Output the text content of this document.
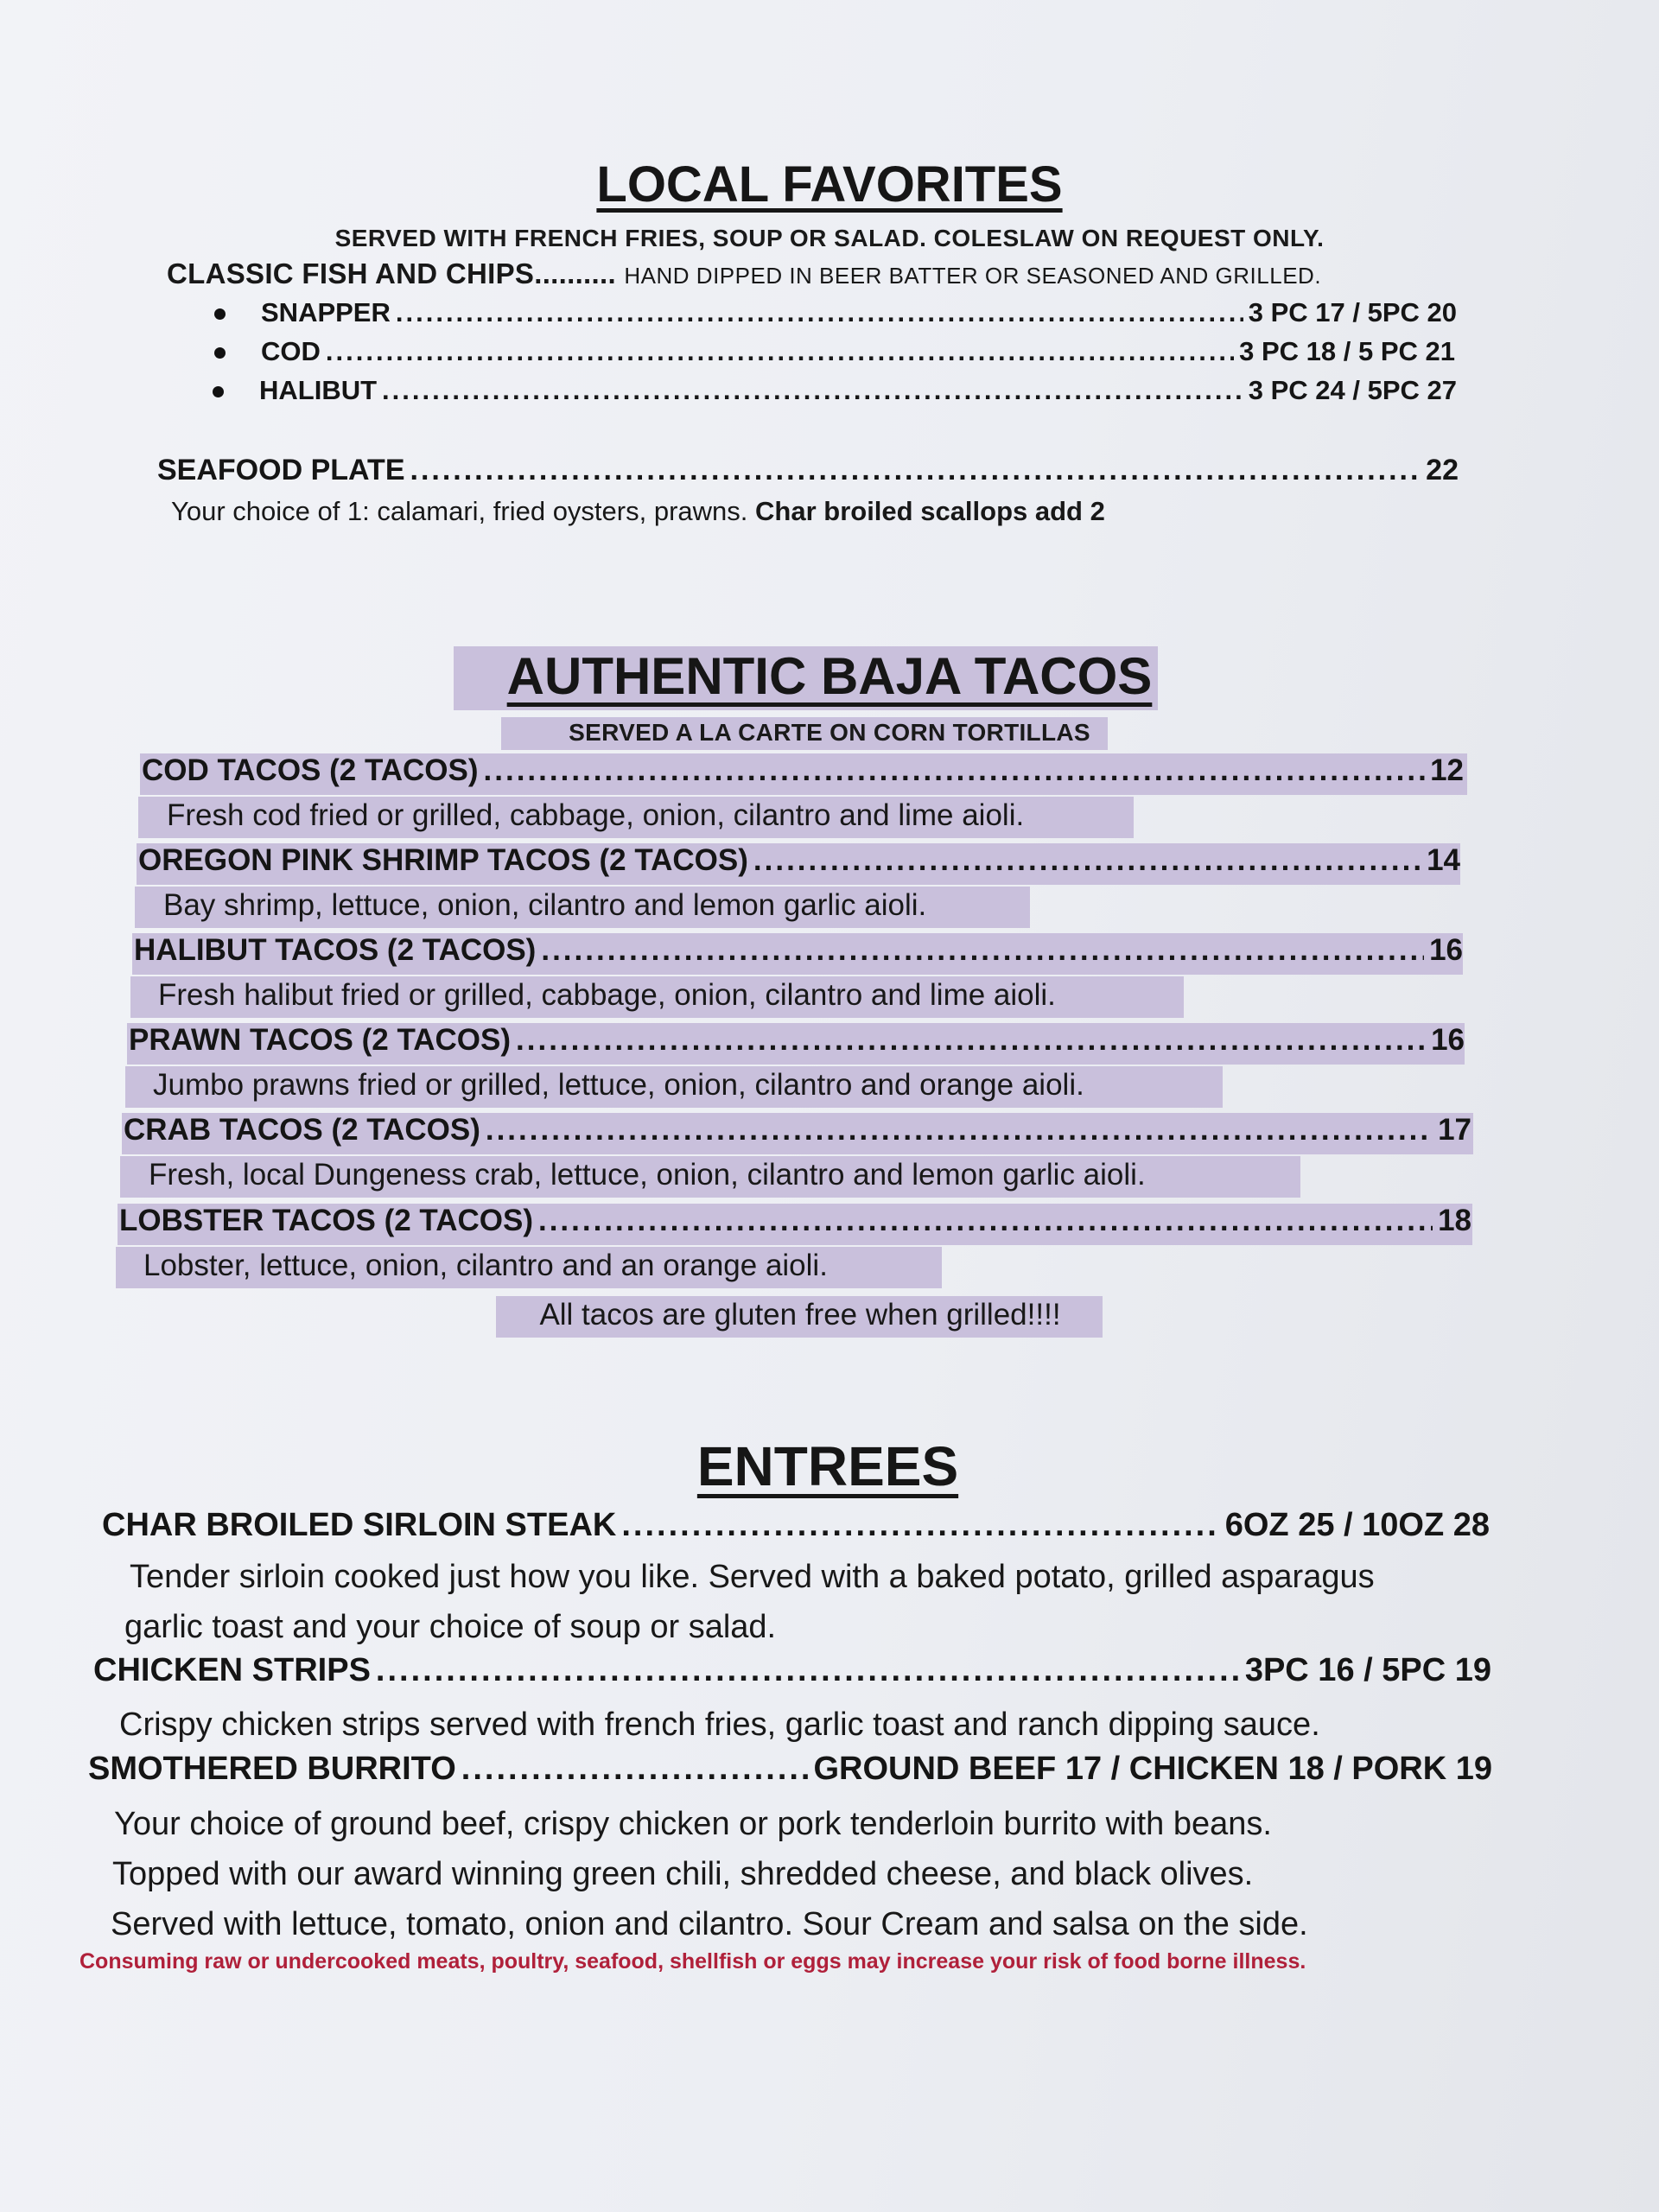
LOCAL FAVORITES
SERVED WITH FRENCH FRIES, SOUP OR SALAD. COLESLAW ON REQUEST ONLY.
CLASSIC FISH AND CHIPS.......... HAND DIPPED IN BEER BATTER OR SEASONED AND GRILLED.
SNAPPER .....	3 PC 17 / 5PC 20
COD .....	3 PC 18 / 5 PC 21
HALIBUT .....	3 PC 24 / 5PC 27
SEAFOOD PLATE .....	22
Your choice of 1: calamari, fried oysters, prawns. Char broiled scallops add 2
AUTHENTIC BAJA TACOS
SERVED A LA CARTE ON CORN TORTILLAS
COD TACOS (2 TACOS) .....	12
Fresh cod fried or grilled, cabbage, onion, cilantro and lime aioli.
OREGON PINK SHRIMP TACOS (2 TACOS) .....	14
Bay shrimp, lettuce, onion, cilantro and lemon garlic aioli.
HALIBUT TACOS (2 TACOS) .....	16
Fresh halibut fried or grilled, cabbage, onion, cilantro and lime aioli.
PRAWN TACOS (2 TACOS) .....	16
Jumbo prawns fried or grilled, lettuce, onion, cilantro and orange aioli.
CRAB TACOS (2 TACOS) .....	17
Fresh, local Dungeness crab, lettuce, onion, cilantro and lemon garlic aioli.
LOBSTER TACOS (2 TACOS) .....	18
Lobster, lettuce, onion, cilantro and an orange aioli.
All tacos are gluten free when grilled!!!!
ENTREES
CHAR BROILED SIRLOIN STEAK .....	6OZ 25 / 10OZ 28
Tender sirloin cooked just how you like. Served with a baked potato, grilled asparagus
garlic toast and your choice of soup or salad.
CHICKEN STRIPS .....	3PC 16 / 5PC 19
Crispy chicken strips served with french fries, garlic toast and ranch dipping sauce.
SMOTHERED BURRITO .....	GROUND BEEF 17 / CHICKEN 18 / PORK 19
Your choice of ground beef, crispy chicken or pork tenderloin burrito with beans.
Topped with our award winning green chili, shredded cheese, and black olives.
Served with lettuce, tomato, onion and cilantro. Sour Cream and salsa on the side.
Consuming raw or undercooked meats, poultry, seafood, shellfish or eggs may increase your risk of food borne illness.
